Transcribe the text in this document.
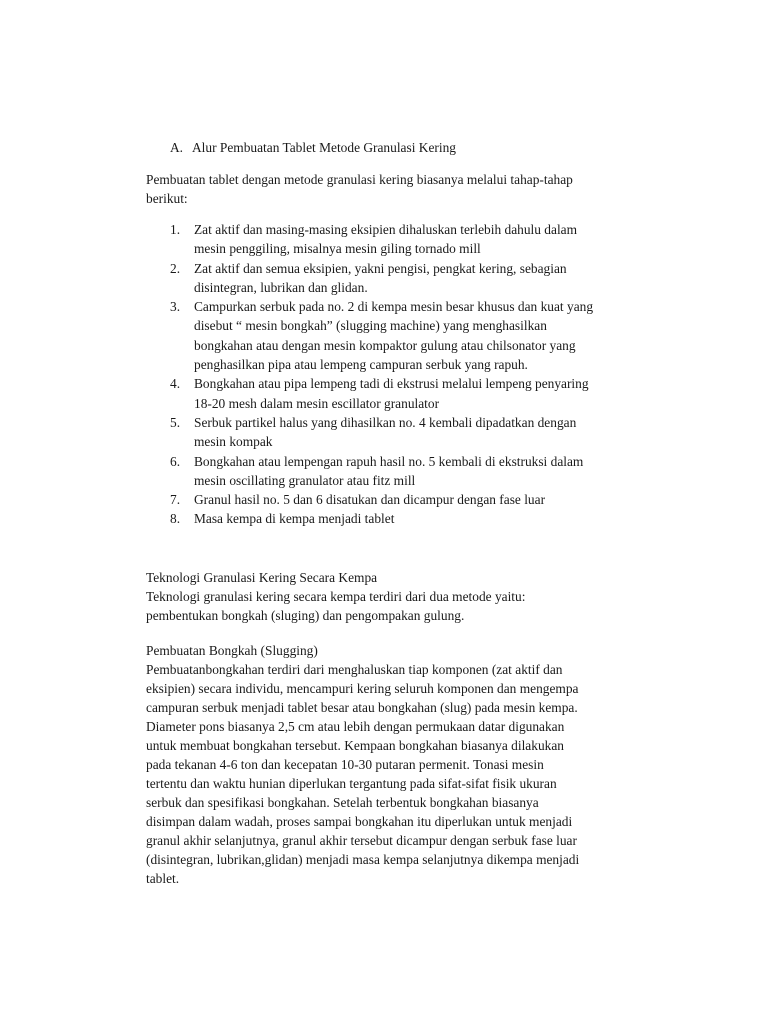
A. Alur Pembuatan Tablet Metode Granulasi Kering
Pembuatan tablet dengan metode granulasi kering biasanya melalui tahap-tahap
berikut:
1. Zat aktif dan masing-masing eksipien dihaluskan terlebih dahulu dalam
mesin penggiling, misalnya mesin giling tornado mill
2. Zat aktif dan semua eksipien, yakni pengisi, pengkat kering, sebagian
disintegran, lubrikan dan glidan.
3. Campurkan serbuk pada no. 2 di kempa mesin besar khusus dan kuat yang
disebut “ mesin bongkah” (slugging machine) yang menghasilkan
bongkahan atau dengan mesin kompaktor gulung atau chilsonator yang
penghasilkan pipa atau lempeng campuran serbuk yang rapuh.
4. Bongkahan atau pipa lempeng tadi di ekstrusi melalui lempeng penyaring
18-20 mesh dalam mesin escillator granulator
5. Serbuk partikel halus yang dihasilkan no. 4 kembali dipadatkan dengan
mesin kompak
6. Bongkahan atau lempengan rapuh hasil no. 5 kembali di ekstruksi dalam
mesin oscillating granulator atau fitz mill
7. Granul hasil no. 5 dan 6 disatukan dan dicampur dengan fase luar
8. Masa kempa di kempa menjadi tablet
Teknologi Granulasi Kering Secara Kempa
Teknologi granulasi kering secara kempa terdiri dari dua metode yaitu:
pembentukan bongkah (sluging) dan pengompakan gulung.
Pembuatan Bongkah (Slugging)
Pembuatanbongkahan terdiri dari menghaluskan tiap komponen (zat aktif dan
eksipien) secara individu, mencampuri kering seluruh komponen dan mengempa
campuran serbuk menjadi tablet besar atau bongkahan (slug) pada mesin kempa.
Diameter pons biasanya 2,5 cm atau lebih dengan permukaan datar digunakan
untuk membuat bongkahan tersebut. Kempaan bongkahan biasanya dilakukan
pada tekanan 4-6 ton dan kecepatan 10-30 putaran permenit. Tonasi mesin
tertentu dan waktu hunian diperlukan tergantung pada sifat-sifat fisik ukuran
serbuk dan spesifikasi bongkahan. Setelah terbentuk bongkahan biasanya
disimpan dalam wadah, proses sampai bongkahan itu diperlukan untuk menjadi
granul akhir selanjutnya, granul akhir tersebut dicampur dengan serbuk fase luar
(disintegran, lubrikan,glidan) menjadi masa kempa selanjutnya dikempa menjadi
tablet.
